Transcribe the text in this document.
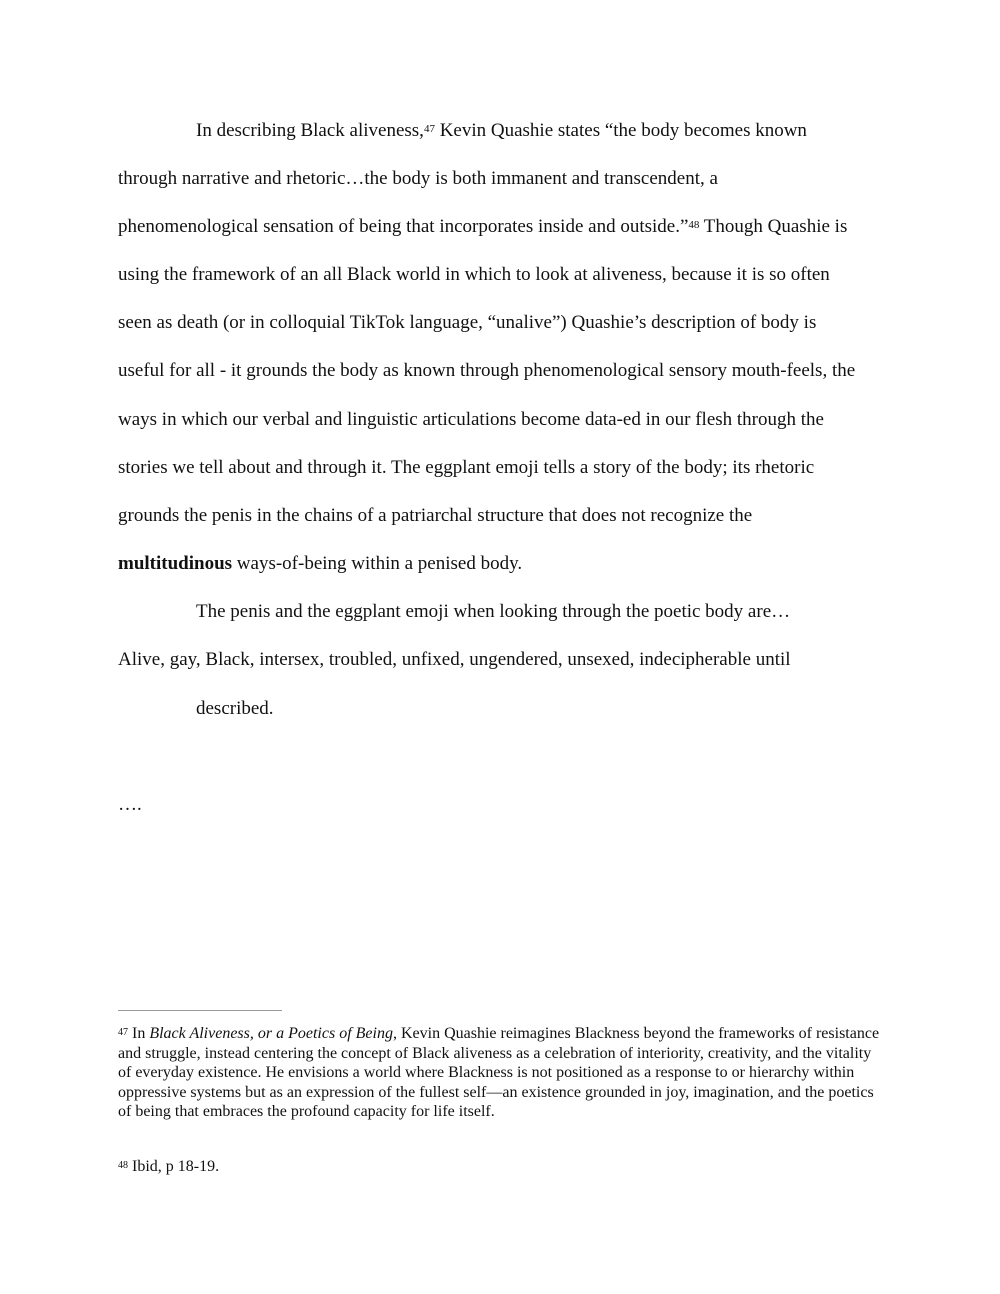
In describing Black aliveness,$^{47}$ Kevin Quashie states “the body becomes known
through narrative and rhetoric…the body is both immanent and transcendent, a
phenomenological sensation of being that incorporates inside and outside.”$^{48}$ Though Quashie is
using the framework of an all Black world in which to look at aliveness, because it is so often
seen as death (or in colloquial TikTok language, “unalive”) Quashie’s description of body is
useful for all - it grounds the body as known through phenomenological sensory mouth-feels, the
ways in which our verbal and linguistic articulations become data-ed in our flesh through the
stories we tell about and through it. The eggplant emoji tells a story of the body; its rhetoric
grounds the penis in the chains of a patriarchal structure that does not recognize the
multitudinous ways-of-being within a penised body.
The penis and the eggplant emoji when looking through the poetic body are…
Alive, gay, Black, intersex, troubled, unfixed, ungendered, unsexed, indecipherable until
described.
….
$^{47}$ In Black Aliveness, or a Poetics of Being, Kevin Quashie reimagines Blackness beyond the frameworks of resistance and struggle, instead centering the concept of Black aliveness as a celebration of interiority, creativity, and the vitality of everyday existence. He envisions a world where Blackness is not positioned as a response to or hierarchy within oppressive systems but as an expression of the fullest self—an existence grounded in joy, imagination, and the poetics of being that embraces the profound capacity for life itself.
$^{48}$ Ibid, p 18-19.
